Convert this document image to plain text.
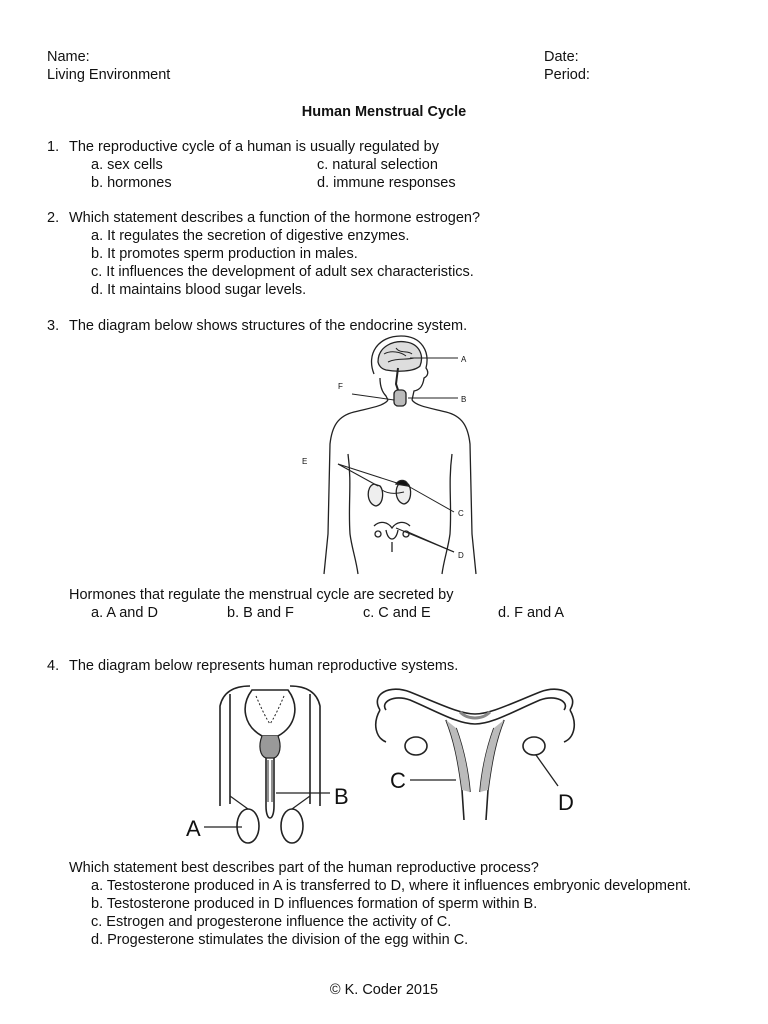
Name:
Living Environment
Date:
Period:
Human Menstrual Cycle
1. The reproductive cycle of a human is usually regulated by
a. sex cells
b. hormones
c. natural selection
d. immune responses
2. Which statement describes a function of the hormone estrogen?
a. It regulates the secretion of digestive enzymes.
b. It promotes sperm production in males.
c. It influences the development of adult sex characteristics.
d. It maintains blood sugar levels.
3. The diagram below shows structures of the endocrine system.
A
B
C
D
E
F
Hormones that regulate the menstrual cycle are secreted by
a. A and D	b. B and F	c. C and E	d. F and A
4. The diagram below represents human reproductive systems.
A
B
C
D
Which statement best describes part of the human reproductive process?
a. Testosterone produced in A is transferred to D, where it influences embryonic development.
b. Testosterone produced in D influences formation of sperm within B.
c. Estrogen and progesterone influence the activity of C.
d. Progesterone stimulates the division of the egg within C.
© K. Coder 2015
